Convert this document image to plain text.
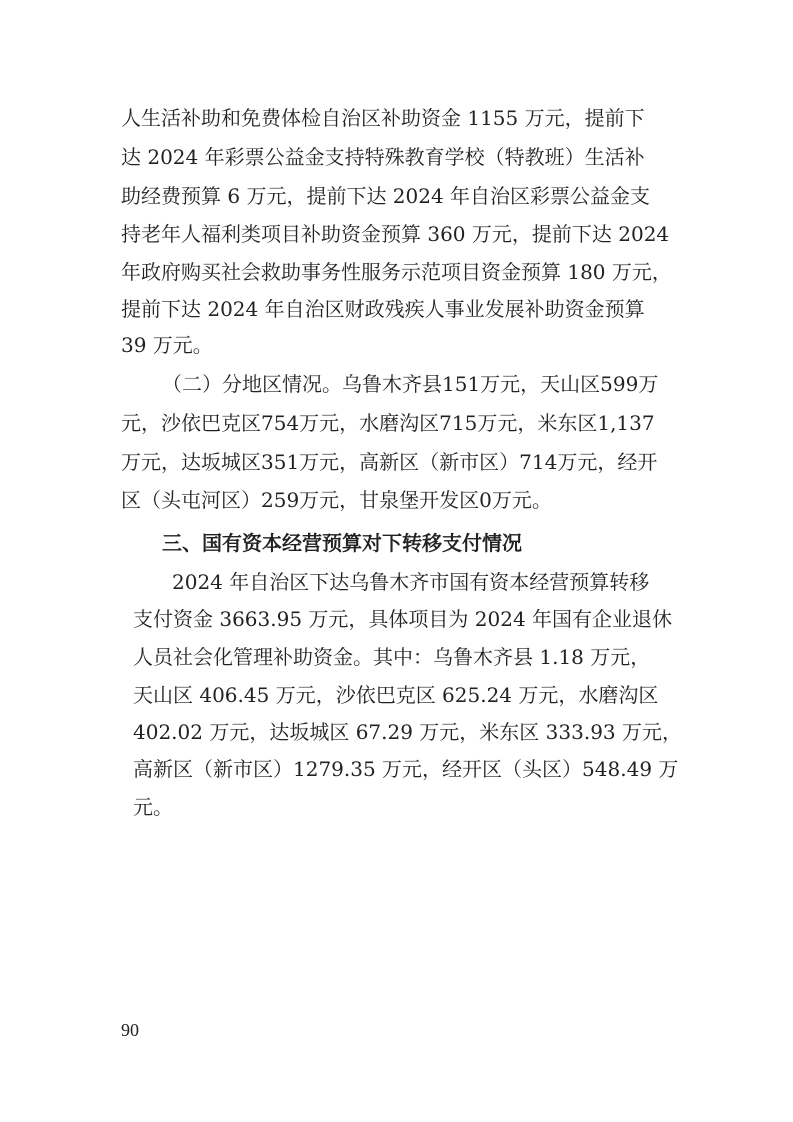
人生活补助和免费体检自治区补助资金 1155 万元，提前下
达 2024 年彩票公益金支持特殊教育学校（特教班）生活补
助经费预算 6 万元，提前下达 2024 年自治区彩票公益金支
持老年人福利类项目补助资金预算 360 万元，提前下达 2024
年政府购买社会救助事务性服务示范项目资金预算 180 万元，
提前下达 2024 年自治区财政残疾人事业发展补助资金预算
39 万元。
（二）分地区情况。乌鲁木齐县151万元，天山区599万
元，沙依巴克区754万元，水磨沟区715万元，米东区1,137
万元，达坂城区351万元，高新区（新市区）714万元，经开
区（头屯河区）259万元，甘泉堡开发区0万元。
三、国有资本经营预算对下转移支付情况
2024 年自治区下达乌鲁木齐市国有资本经营预算转移
支付资金 3663.95 万元，具体项目为 2024 年国有企业退休
人员社会化管理补助资金。其中：乌鲁木齐县 1.18 万元，
天山区 406.45 万元，沙依巴克区 625.24 万元，水磨沟区
402.02 万元，达坂城区 67.29 万元，米东区 333.93 万元，
高新区（新市区）1279.35 万元，经开区（头区）548.49 万
元。
90
